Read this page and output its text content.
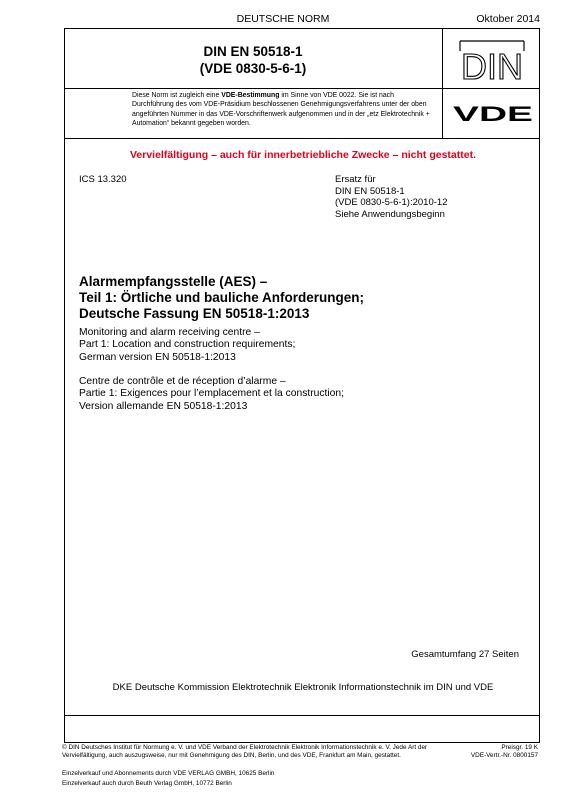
DEUTSCHE NORM	Oktober 2014
DIN EN 50518-1
(VDE 0830-5-6-1)	DIN
Diese Norm ist zugleich eine VDE-Bestimmung im Sinne von VDE 0022. Sie ist nach Durchführung des vom VDE-Präsidium beschlossenen Genehmigungsverfahrens unter der oben angeführten Nummer in das VDE-Vorschriftenwerk aufgenommen und in der „etz Elektrotechnik + Automation“ bekannt gegeben worden.	VDE
Vervielfältigung – auch für innerbetriebliche Zwecke – nicht gestattet.
ICS 13.320	Ersatz für
DIN EN 50518-1
(VDE 0830-5-6-1):2010-12
Siehe Anwendungsbeginn
Alarmempfangsstelle (AES) –
Teil 1: Örtliche und bauliche Anforderungen;
Deutsche Fassung EN 50518-1:2013
Monitoring and alarm receiving centre –
Part 1: Location and construction requirements;
German version EN 50518-1:2013
Centre de contrôle et de réception d’alarme –
Partie 1: Exigences pour l’emplacement et la construction;
Version allemande EN 50518-1:2013
Gesamtumfang 27 Seiten
DKE Deutsche Kommission Elektrotechnik Elektronik Informationstechnik im DIN und VDE
© DIN Deutsches Institut für Normung e. V. und VDE Verband der Elektrotechnik Elektronik Informationstechnik e. V. Jede Art der Vervielfältigung, auch auszugsweise, nur mit Genehmigung des DIN, Berlin, und des VDE, Frankfurt am Main, gestattet.
Preisgr. 19 K
VDE-Vertr.-Nr. 0800157
Einzelverkauf und Abonnements durch VDE VERLAG GMBH, 10625 Berlin
Einzelverkauf auch durch Beuth Verlag GmbH, 10772 Berlin
